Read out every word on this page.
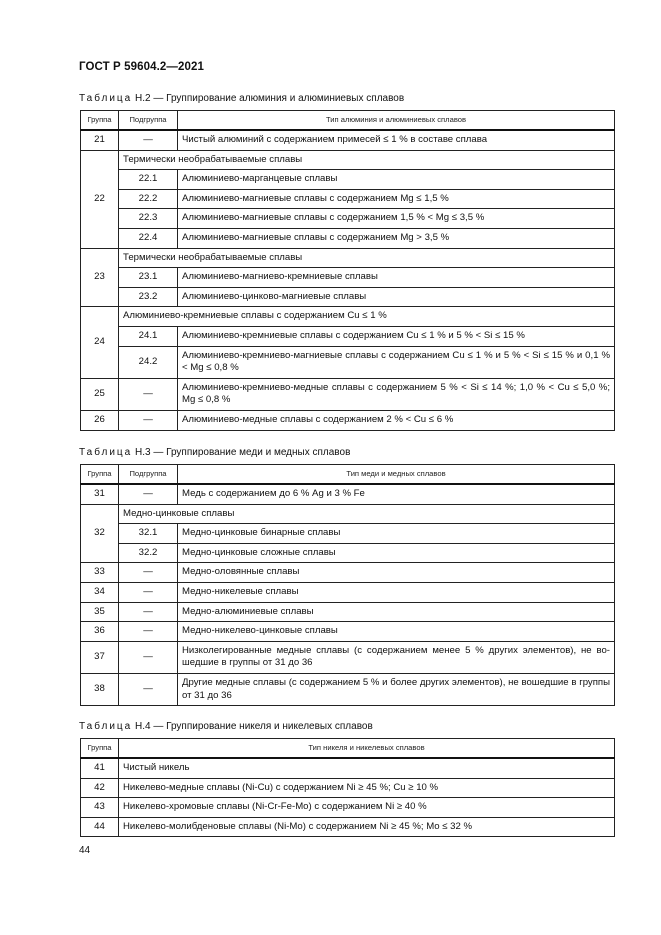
ГОСТ Р 59604.2—2021
Таблица Н.2 — Группирование алюминия и алюминиевых сплавов
Группа	Подгруппа	Тип алюминия и алюминиевых сплавов
21	—	Чистый алюминий с содержанием примесей ≤ 1 % в составе сплава
22	Термически необрабатываемые сплавы	
	22.1	Алюминиево-марганцевые сплавы
	22.2	Алюминиево-магниевые сплавы с содержанием Mg ≤ 1,5 %
	22.3	Алюминиево-магниевые сплавы с содержанием 1,5 % < Mg ≤ 3,5 %
	22.4	Алюминиево-магниевые сплавы с содержанием Mg > 3,5 %
23	Термически необрабатываемые сплавы	
	23.1	Алюминиево-магниево-кремниевые сплавы
	23.2	Алюминиево-цинково-магниевые сплавы
24	Алюминиево-кремниевые сплавы с содержанием Cu ≤ 1 %	
	24.1	Алюминиево-кремниевые сплавы с содержанием Cu ≤ 1 % и 5 % < Si ≤ 15 %
	24.2	Алюминиево-кремниево-магниевые сплавы с содержанием Cu ≤ 1 % и 5 % < Si ≤ 15 % и 0,1 % < Mg ≤ 0,8 %
25	—	Алюминиево-кремниево-медные сплавы с содержанием 5 % < Si ≤ 14 %; 1,0 % < Cu ≤ 5,0 %; Mg ≤ 0,8 %
26	—	Алюминиево-медные сплавы с содержанием 2 % < Cu ≤ 6 %
Таблица Н.3 — Группирование меди и медных сплавов
Группа	Подгруппа	Тип меди и медных сплавов
31	—	Медь с содержанием до 6 % Ag и 3 % Fe
32	Медно-цинковые сплавы	
	32.1	Медно-цинковые бинарные сплавы
	32.2	Медно-цинковые сложные сплавы
33	—	Медно-оловянные сплавы
34	—	Медно-никелевые сплавы
35	—	Медно-алюминиевые сплавы
36	—	Медно-никелево-цинковые сплавы
37	—	Низколегированные медные сплавы (с содержанием менее 5 % других элементов), не во-шедшие в группы от 31 до 36
38	—	Другие медные сплавы (с содержанием 5 % и более других элементов), не вошедшие в группы от 31 до 36
Таблица Н.4 — Группирование никеля и никелевых сплавов
Группа	Тип никеля и никелевых сплавов
41	Чистый никель
42	Никелево-медные сплавы (Ni-Cu) с содержанием Ni ≥ 45 %; Cu ≥ 10 %
43	Никелево-хромовые сплавы (Ni-Cr-Fe-Mo) с содержанием Ni ≥ 40 %
44	Никелево-молибденовые сплавы (Ni-Mo) с содержанием Ni ≥ 45 %; Mo ≤ 32 %
44
